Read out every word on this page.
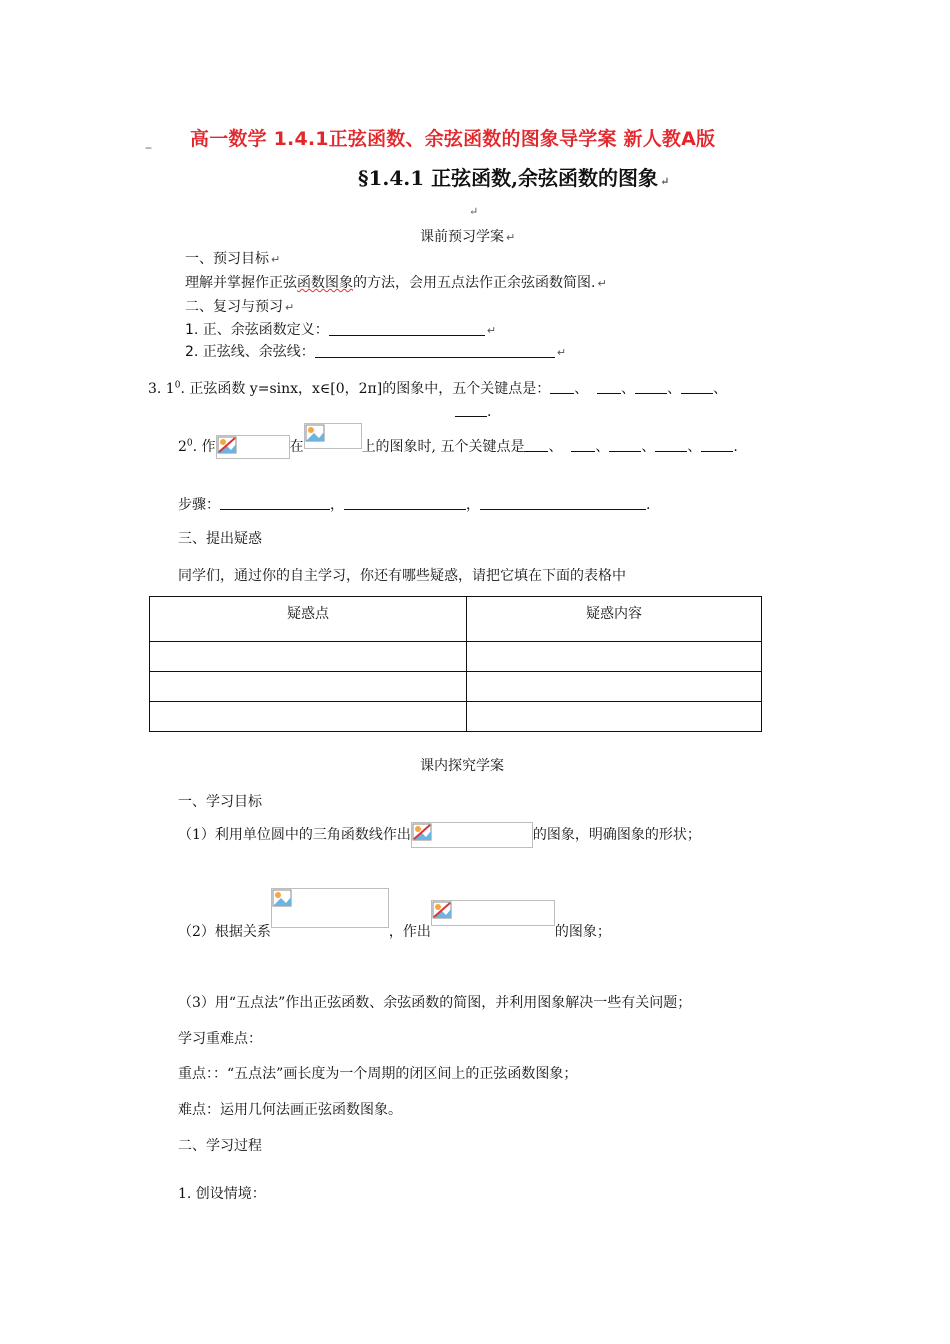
– 高一数学 1.4.1正弦函数、余弦函数的图象导学案 新人教A版
§1.4.1 正弦函数,余弦函数的图象 ↵
↵
课前预习学案 ↵
一、预习目标 ↵
理解并掌握作正弦函数图象的方法，会用五点法作正余弦函数简图. ↵
二、复习与预习 ↵
1. 正、余弦函数定义：	↵
2. 正弦线、余弦线：	↵
3. $1^0$. 正弦函数 y=sinx，x∈[0，2π]的图象中，五个关键点是： 、 、 、 、
.
$2^0$. 作	在	上的图象时, 五个关键点是 、 、 、 、 .
步骤：	，	，	.
三、提出疑惑
同学们，通过你的自主学习，你还有哪些疑惑，请把它填在下面的表格中
疑惑点	疑惑内容

课内探究学案
一、学习目标
（1）利用单位圆中的三角函数线作出	的图象，明确图象的形状；
（2）根据关系	，作出	的图象；
（3）用“五点法”作出正弦函数、余弦函数的简图，并利用图象解决一些有关问题；
学习重难点：
重点：：“五点法”画长度为一个周期的闭区间上的正弦函数图象；
难点：运用几何法画正弦函数图象。
二、学习过程
1. 创设情境：
